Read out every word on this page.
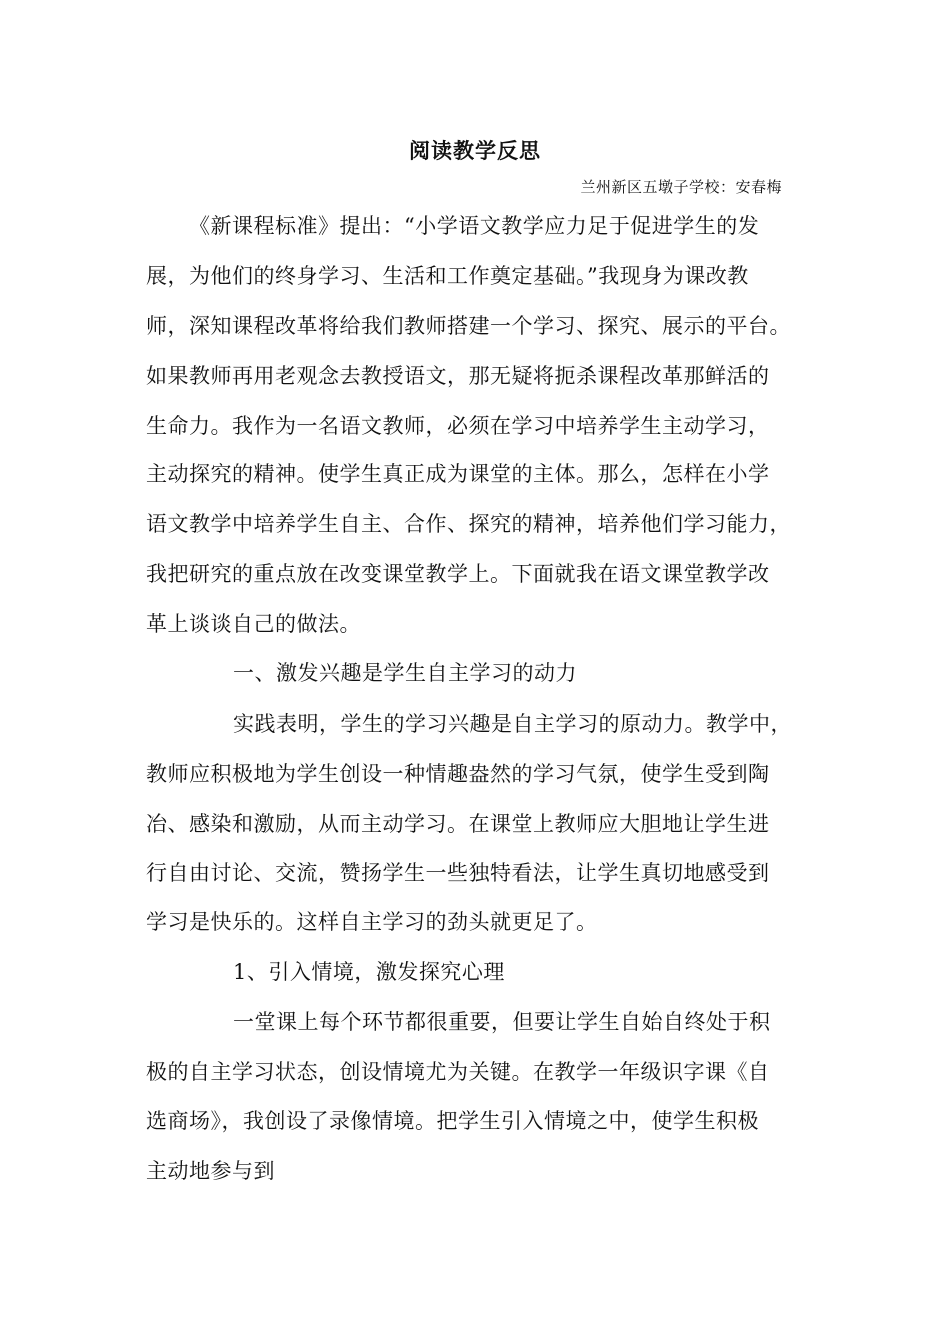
阅读教学反思
兰州新区五墩子学校：安春梅
《新课程标准》提出：“小学语文教学应力足于促进学生的发
展，为他们的终身学习、生活和工作奠定基础。”我现身为课改教
师，深知课程改革将给我们教师搭建一个学习、探究、展示的平台。
如果教师再用老观念去教授语文，那无疑将扼杀课程改革那鲜活的
生命力。我作为一名语文教师，必须在学习中培养学生主动学习，
主动探究的精神。使学生真正成为课堂的主体。那么，怎样在小学
语文教学中培养学生自主、合作、探究的精神，培养他们学习能力，
我把研究的重点放在改变课堂教学上。下面就我在语文课堂教学改
革上谈谈自己的做法。
一、激发兴趣是学生自主学习的动力
实践表明，学生的学习兴趣是自主学习的原动力。教学中，
教师应积极地为学生创设一种情趣盎然的学习气氛，使学生受到陶
冶、感染和激励，从而主动学习。在课堂上教师应大胆地让学生进
行自由讨论、交流，赞扬学生一些独特看法，让学生真切地感受到
学习是快乐的。这样自主学习的劲头就更足了。
1、引入情境，激发探究心理
一堂课上每个环节都很重要，但要让学生自始自终处于积
极的自主学习状态，创设情境尤为关键。在教学一年级识字课《自
选商场》，我创设了录像情境。把学生引入情境之中，使学生积极
主动地参与到
